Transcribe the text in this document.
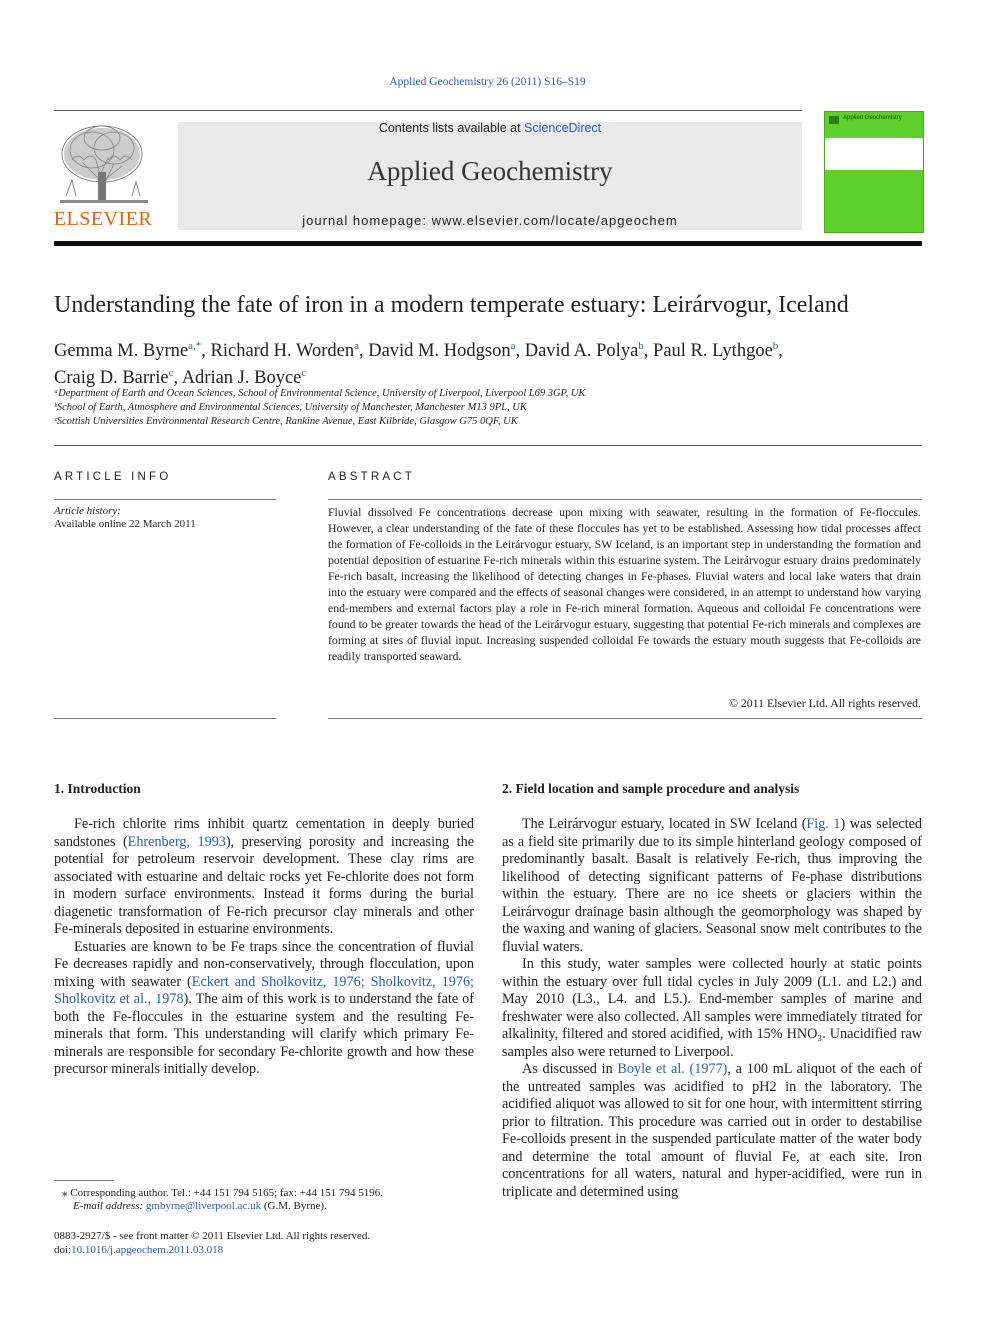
Applied Geochemistry 26 (2011) S16–S19
ELSEVIER
Contents lists available at ScienceDirect
Applied Geochemistry
journal homepage: www.elsevier.com/locate/apgeochem
Applied Geochemistry
Understanding the fate of iron in a modern temperate estuary: Leirárvogur, Iceland
Gemma M. Byrne$^{a,*}$, Richard H. Worden$^a$, David M. Hodgson$^a$, David A. Polya$^b$, Paul R. Lythgoe$^b$,
Craig D. Barrie$^c$, Adrian J. Boyce$^c$
ᵃDepartment of Earth and Ocean Sciences, School of Environmental Science, University of Liverpool, Liverpool L69 3GP, UK
ᵇSchool of Earth, Atmosphere and Environmental Sciences, University of Manchester, Manchester M13 9PL, UK
ᶜScottish Universities Environmental Research Centre, Rankine Avenue, East Kilbride, Glasgow G75 0QF, UK
ARTICLE INFO
Article history:
Available online 22 March 2011
ABSTRACT
Fluvial dissolved Fe concentrations decrease upon mixing with seawater, resulting in the formation of Fe-floccules. However, a clear understanding of the fate of these floccules has yet to be established. Assessing how tidal processes affect the formation of Fe-colloids in the Leirárvogur estuary, SW Iceland, is an important step in understanding the formation and potential deposition of estuarine Fe-rich minerals within this estuarine system. The Leirárvogur estuary drains predominately Fe-rich basalt, increasing the likelihood of detecting changes in Fe-phases. Fluvial waters and local lake waters that drain into the estuary were compared and the effects of seasonal changes were considered, in an attempt to understand how varying end-members and external factors play a role in Fe-rich mineral formation. Aqueous and colloidal Fe concentrations were found to be greater towards the head of the Leirárvogur estuary, suggesting that potential Fe-rich minerals and complexes are forming at sites of fluvial input. Increasing suspended colloidal Fe towards the estuary mouth suggests that Fe-colloids are readily transported seaward.
© 2011 Elsevier Ltd. All rights reserved.
1. Introduction

Fe-rich chlorite rims inhibit quartz cementation in deeply buried sandstones (Ehrenberg, 1993), preserving porosity and increasing the potential for petroleum reservoir development. These clay rims are associated with estuarine and deltaic rocks yet Fe-chlorite does not form in modern surface environments. Instead it forms during the burial diagenetic transformation of Fe-rich precursor clay minerals and other Fe-minerals deposited in estuarine environments.

Estuaries are known to be Fe traps since the concentration of fluvial Fe decreases rapidly and non-conservatively, through flocculation, upon mixing with seawater (Eckert and Sholkovitz, 1976; Sholkovitz, 1976; Sholkovitz et al., 1978). The aim of this work is to understand the fate of both the Fe-floccules in the estuarine system and the resulting Fe-minerals that form. This understanding will clarify which primary Fe-minerals are responsible for secondary Fe-chlorite growth and how these precursor minerals initially develop.

2. Field location and sample procedure and analysis

The Leirárvogur estuary, located in SW Iceland (Fig. 1) was selected as a field site primarily due to its simple hinterland geology composed of predominantly basalt. Basalt is relatively Fe-rich, thus improving the likelihood of detecting significant patterns of Fe-phase distributions within the estuary. There are no ice sheets or glaciers within the Leirárvogur drainage basin although the geomorphology was shaped by the waxing and waning of glaciers. Seasonal snow melt contributes to the fluvial waters.

In this study, water samples were collected hourly at static points within the estuary over full tidal cycles in July 2009 (L1. and L2.) and May 2010 (L3., L4. and L5.). End-member samples of marine and freshwater were also collected. All samples were immediately titrated for alkalinity, filtered and stored acidified, with 15% HNO₃. Unacidified raw samples also were returned to Liverpool.

As discussed in Boyle et al. (1977), a 100 mL aliquot of the each of the untreated samples was acidified to pH2 in the laboratory. The acidified aliquot was allowed to sit for one hour, with intermittent stirring prior to filtration. This procedure was carried out in order to destabilise Fe-colloids present in the suspended particulate matter of the water body and determine the total amount of fluvial Fe, at each site. Iron concentrations for all waters, natural and hyper-acidified, were run in triplicate and determined using

⁎ Corresponding author. Tel.: +44 151 794 5165; fax: +44 151 794 5196.
E-mail address: gmbyrne@liverpool.ac.uk (G.M. Byrne).
0883-2927/$ - see front matter © 2011 Elsevier Ltd. All rights reserved.
doi:10.1016/j.apgeochem.2011.03.018
